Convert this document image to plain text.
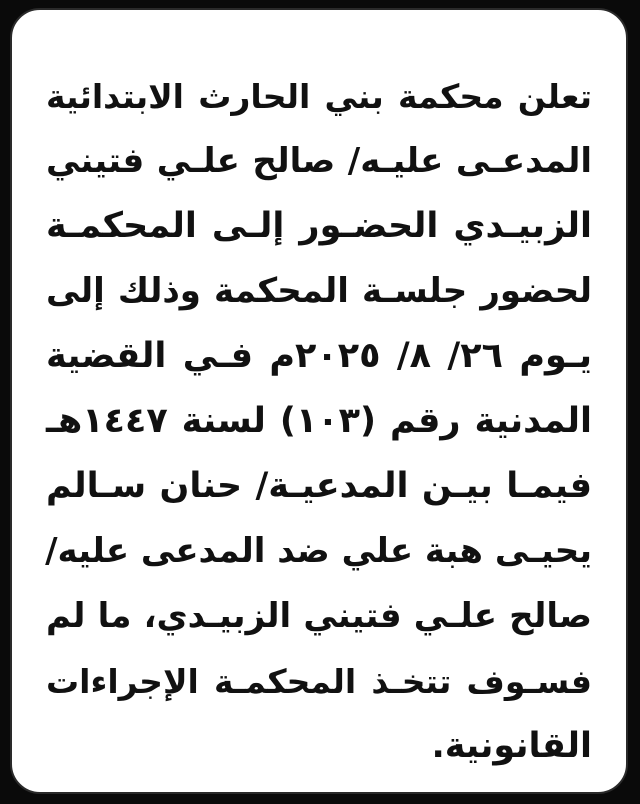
تعلن محكمة بني الحارث الابتدائية
المدعـى عليـه/ صالح علـي فتيني
الزبيـدي الحضـور إلـى المحكمـة
لحضور جلسـة المحكمة وذلك إلى
يـوم ٢٦/ ٨/ ٢٠٢٥م فـي القضية
المدنية رقم (١٠٣) لسنة ١٤٤٧هـ
فيمـا بيـن المدعيـة/ حنان سـالم
يحيـى هبة علي ضد المدعى عليه/
صالح علـي فتيني الزبيـدي، ما لم
فسـوف تتخـذ المحكمـة الإجراءات
القانونية.
